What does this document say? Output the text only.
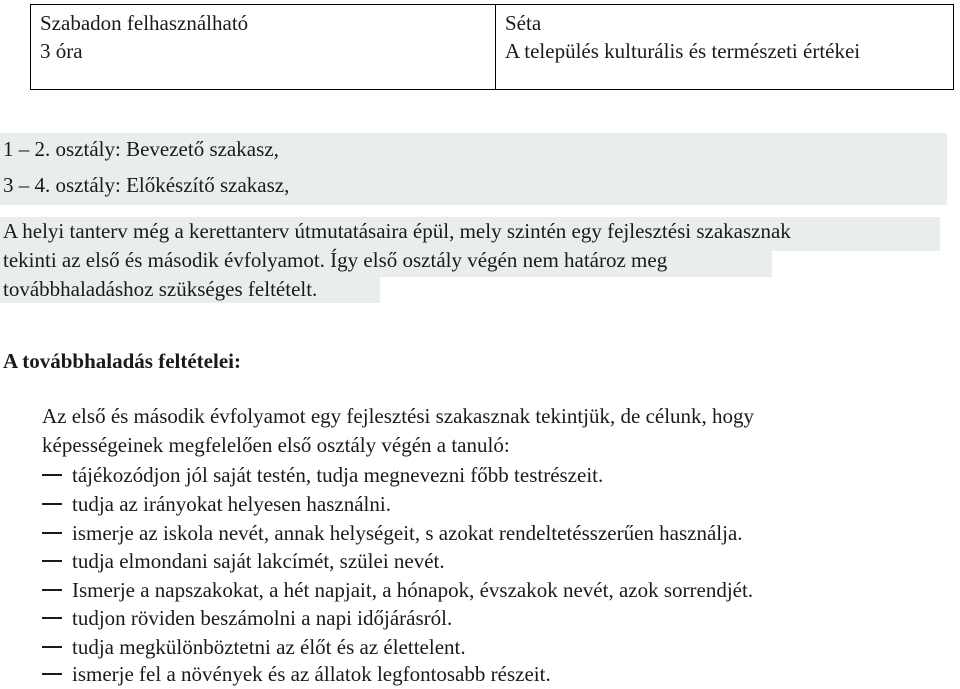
Szabadon felhasználható
3 óra
Séta
A település kulturális és természeti értékei
1 – 2. osztály: Bevezető szakasz,
3 – 4. osztály: Előkészítő szakasz,
A helyi tanterv még a kerettanterv útmutatásaira épül, mely szintén egy fejlesztési szakasznak
tekinti az első és második évfolyamot. Így első osztály végén nem határoz meg
továbbhaladáshoz szükséges feltételt.
A továbbhaladás feltételei:
Az első és második évfolyamot egy fejlesztési szakasznak tekintjük, de célunk, hogy
képességeinek megfelelően első osztály végén a tanuló:
tájékozódjon jól saját testén, tudja megnevezni főbb testrészeit.
tudja az irányokat helyesen használni.
ismerje az iskola nevét, annak helységeit, s azokat rendeltetésszerűen használja.
tudja elmondani saját lakcímét, szülei nevét.
Ismerje a napszakokat, a hét napjait, a hónapok, évszakok nevét, azok sorrendjét.
tudjon röviden beszámolni a napi időjárásról.
tudja megkülönböztetni az élőt és az élettelent.
ismerje fel a növények és az állatok legfontosabb részeit.
